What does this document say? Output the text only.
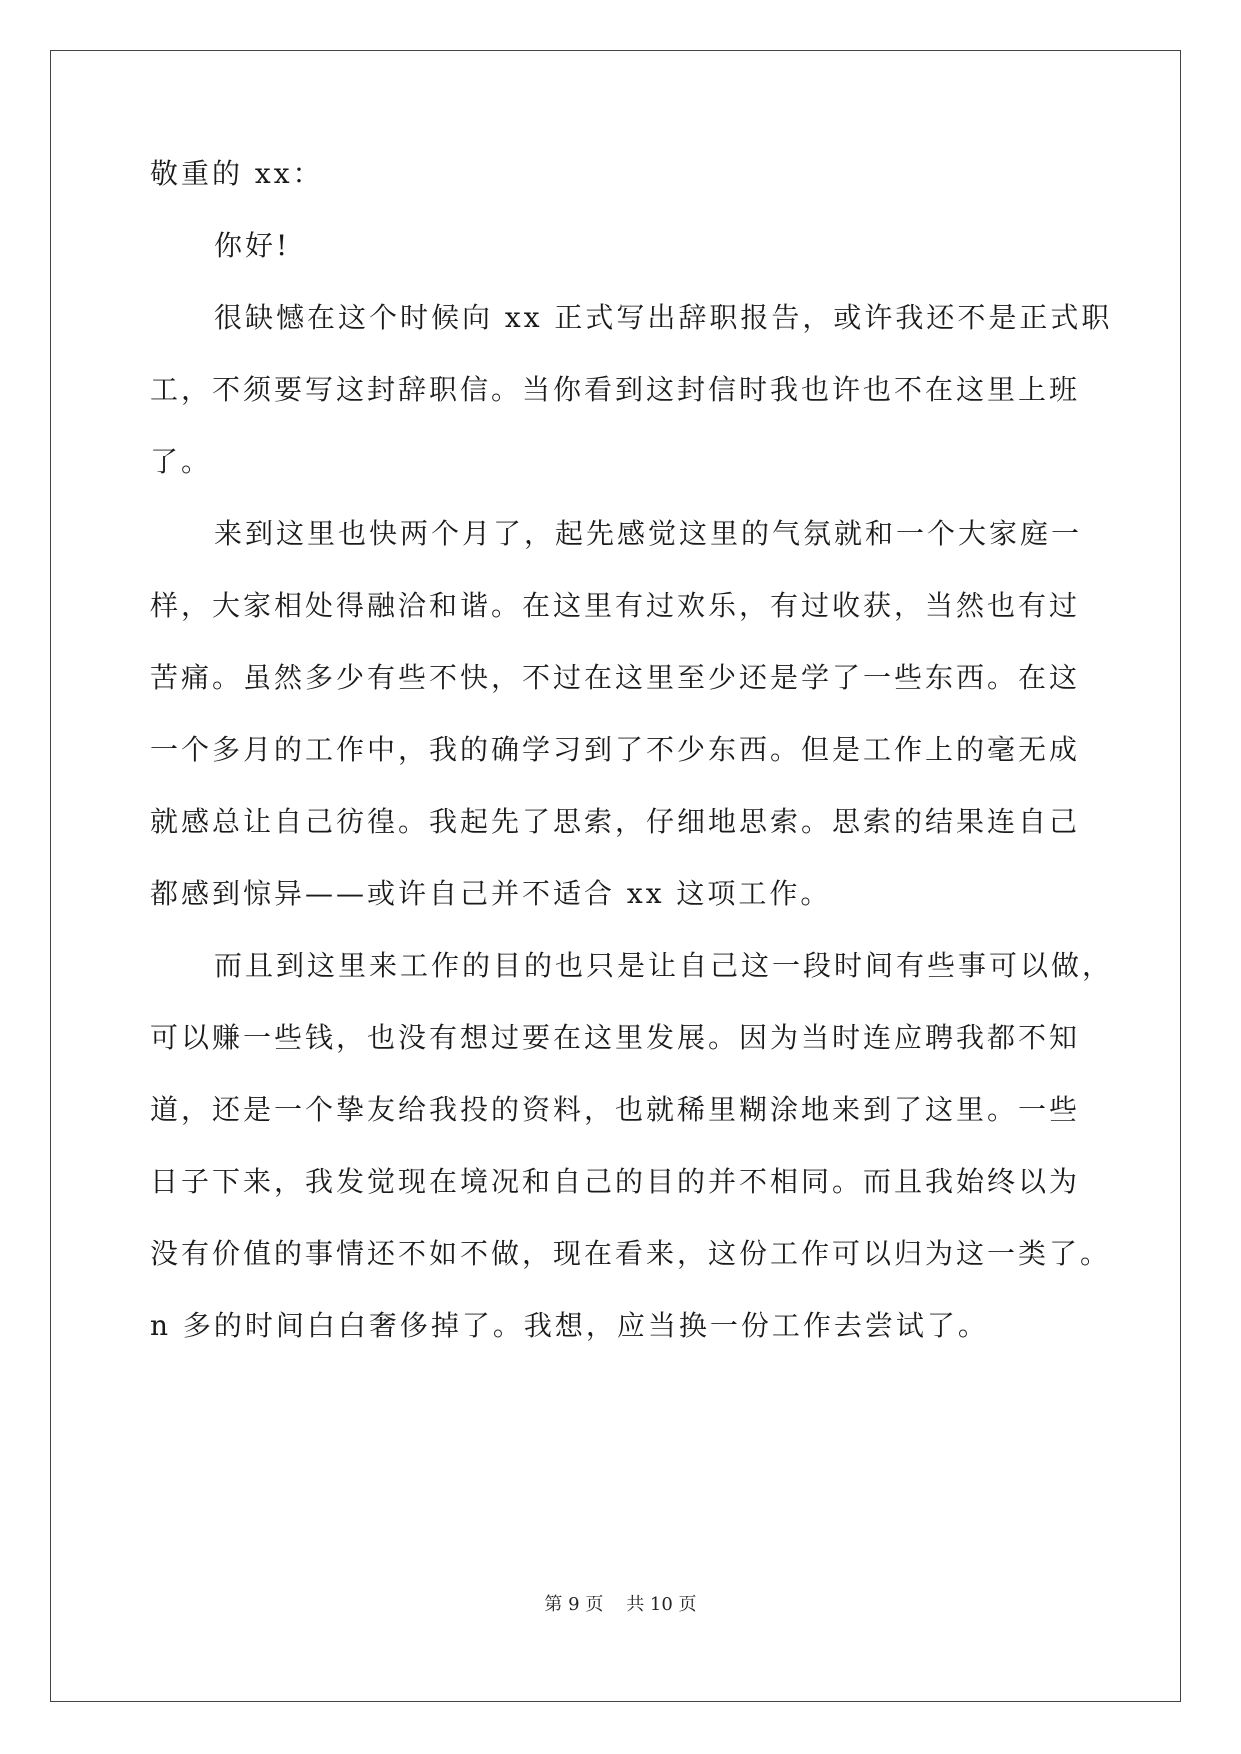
敬重的 xx：

你好!

很缺憾在这个时候向 xx 正式写出辞职报告，或许我还不是正式职

工，不须要写这封辞职信。当你看到这封信时我也许也不在这里上班

了。

来到这里也快两个月了，起先感觉这里的气氛就和一个大家庭一

样，大家相处得融洽和谐。在这里有过欢乐，有过收获，当然也有过

苦痛。虽然多少有些不快，不过在这里至少还是学了一些东西。在这

一个多月的工作中，我的确学习到了不少东西。但是工作上的毫无成

就感总让自己彷徨。我起先了思索，仔细地思索。思索的结果连自己

都感到惊异——或许自己并不适合 xx 这项工作。

而且到这里来工作的目的也只是让自己这一段时间有些事可以做，

可以赚一些钱，也没有想过要在这里发展。因为当时连应聘我都不知

道，还是一个挚友给我投的资料，也就稀里糊涂地来到了这里。一些

日子下来，我发觉现在境况和自己的目的并不相同。而且我始终以为

没有价值的事情还不如不做，现在看来，这份工作可以归为这一类了。

n 多的时间白白奢侈掉了。我想，应当换一份工作去尝试了。

第 9 页    共 10 页
